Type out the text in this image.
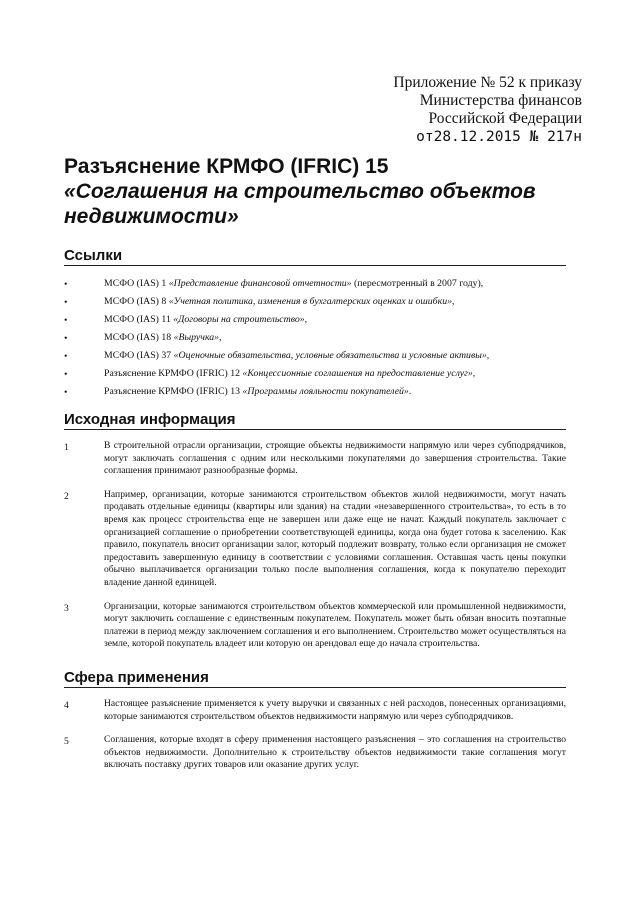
Приложение № 52 к приказу
Министерства финансов
Российской Федерации
от28.12.2015 № 217н
Разъяснение КРМФО (IFRIC) 15
«Соглашения на строительство объектов недвижимости»
Ссылки
•	МСФО (IAS) 1 «Представление финансовой отчетности» (пересмотренный в 2007 году),
•	МСФО (IAS) 8 «Учетная политика, изменения в бухгалтерских оценках и ошибки»,
•	МСФО (IAS) 11 «Договоры на строительство»,
•	МСФО (IAS) 18 «Выручка»,
•	МСФО (IAS) 37 «Оценочные обязательства, условные обязательства и условные активы»,
•	Разъяснение КРМФО (IFRIC) 12 «Концессионные соглашения на предоставление услуг»,
•	Разъяснение КРМФО (IFRIC) 13 «Программы лояльности покупателей».
Исходная информация
1	В строительной отрасли организации, строящие объекты недвижимости напрямую или через субподрядчиков, могут заключать соглашения с одним или несколькими покупателями до завершения строительства. Такие соглашения принимают разнообразные формы.
2	Например, организации, которые занимаются строительством объектов жилой недвижимости, могут начать продавать отдельные единицы (квартиры или здания) на стадии «незавершенного строительства», то есть в то время как процесс строительства еще не завершен или даже еще не начат. Каждый покупатель заключает с организацией соглашение о приобретении соответствующей единицы, когда она будет готова к заселению. Как правило, покупатель вносит организации залог, который подлежит возврату, только если организация не сможет предоставить завершенную единицу в соответствии с условиями соглашения. Оставшая часть цены покупки обычно выплачивается организации только после выполнения соглашения, когда к покупателю переходит владение данной единицей.
3	Организации, которые занимаются строительством объектов коммерческой или промышленной недвижимости, могут заключить соглашение с единственным покупателем. Покупатель может быть обязан вносить поэтапные платежи в период между заключением соглашения и его выполнением. Строительство может осуществляться на земле, которой покупатель владеет или которую он арендовал еще до начала строительства.
Сфера применения
4	Настоящее разъяснение применяется к учету выручки и связанных с ней расходов, понесенных организациями, которые занимаются строительством объектов недвижимости напрямую или через субподрядчиков.
5	Соглашения, которые входят в сферу применения настоящего разъяснения – это соглашения на строительство объектов недвижимости. Дополнительно к строительству объектов недвижимости такие соглашения могут включать поставку других товаров или оказание других услуг.
